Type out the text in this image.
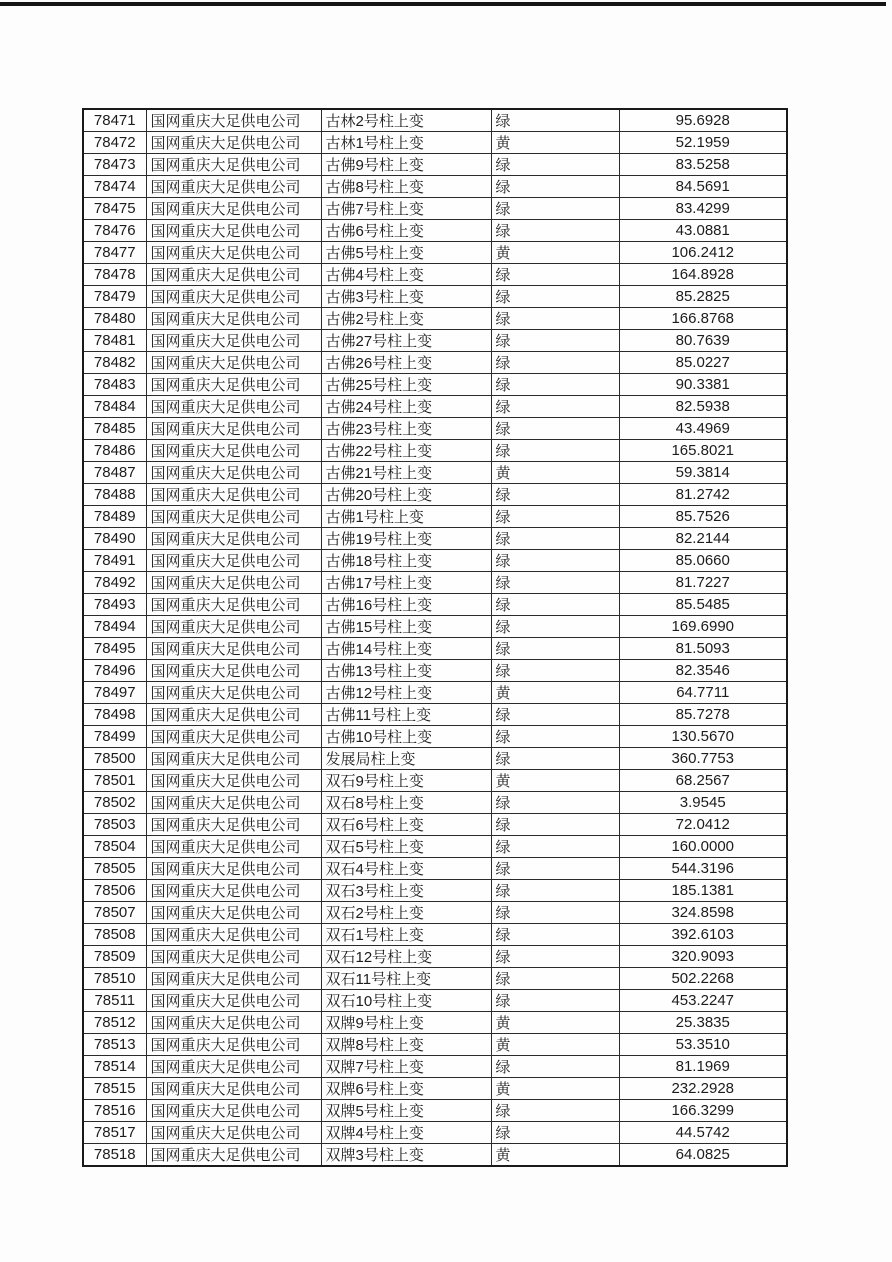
78471	国网重庆大足供电公司	古林2号柱上变	绿	95.6928
78472	国网重庆大足供电公司	古林1号柱上变	黄	52.1959
78473	国网重庆大足供电公司	古佛9号柱上变	绿	83.5258
78474	国网重庆大足供电公司	古佛8号柱上变	绿	84.5691
78475	国网重庆大足供电公司	古佛7号柱上变	绿	83.4299
78476	国网重庆大足供电公司	古佛6号柱上变	绿	43.0881
78477	国网重庆大足供电公司	古佛5号柱上变	黄	106.2412
78478	国网重庆大足供电公司	古佛4号柱上变	绿	164.8928
78479	国网重庆大足供电公司	古佛3号柱上变	绿	85.2825
78480	国网重庆大足供电公司	古佛2号柱上变	绿	166.8768
78481	国网重庆大足供电公司	古佛27号柱上变	绿	80.7639
78482	国网重庆大足供电公司	古佛26号柱上变	绿	85.0227
78483	国网重庆大足供电公司	古佛25号柱上变	绿	90.3381
78484	国网重庆大足供电公司	古佛24号柱上变	绿	82.5938
78485	国网重庆大足供电公司	古佛23号柱上变	绿	43.4969
78486	国网重庆大足供电公司	古佛22号柱上变	绿	165.8021
78487	国网重庆大足供电公司	古佛21号柱上变	黄	59.3814
78488	国网重庆大足供电公司	古佛20号柱上变	绿	81.2742
78489	国网重庆大足供电公司	古佛1号柱上变	绿	85.7526
78490	国网重庆大足供电公司	古佛19号柱上变	绿	82.2144
78491	国网重庆大足供电公司	古佛18号柱上变	绿	85.0660
78492	国网重庆大足供电公司	古佛17号柱上变	绿	81.7227
78493	国网重庆大足供电公司	古佛16号柱上变	绿	85.5485
78494	国网重庆大足供电公司	古佛15号柱上变	绿	169.6990
78495	国网重庆大足供电公司	古佛14号柱上变	绿	81.5093
78496	国网重庆大足供电公司	古佛13号柱上变	绿	82.3546
78497	国网重庆大足供电公司	古佛12号柱上变	黄	64.7711
78498	国网重庆大足供电公司	古佛11号柱上变	绿	85.7278
78499	国网重庆大足供电公司	古佛10号柱上变	绿	130.5670
78500	国网重庆大足供电公司	发展局柱上变	绿	360.7753
78501	国网重庆大足供电公司	双石9号柱上变	黄	68.2567
78502	国网重庆大足供电公司	双石8号柱上变	绿	3.9545
78503	国网重庆大足供电公司	双石6号柱上变	绿	72.0412
78504	国网重庆大足供电公司	双石5号柱上变	绿	160.0000
78505	国网重庆大足供电公司	双石4号柱上变	绿	544.3196
78506	国网重庆大足供电公司	双石3号柱上变	绿	185.1381
78507	国网重庆大足供电公司	双石2号柱上变	绿	324.8598
78508	国网重庆大足供电公司	双石1号柱上变	绿	392.6103
78509	国网重庆大足供电公司	双石12号柱上变	绿	320.9093
78510	国网重庆大足供电公司	双石11号柱上变	绿	502.2268
78511	国网重庆大足供电公司	双石10号柱上变	绿	453.2247
78512	国网重庆大足供电公司	双牌9号柱上变	黄	25.3835
78513	国网重庆大足供电公司	双牌8号柱上变	黄	53.3510
78514	国网重庆大足供电公司	双牌7号柱上变	绿	81.1969
78515	国网重庆大足供电公司	双牌6号柱上变	黄	232.2928
78516	国网重庆大足供电公司	双牌5号柱上变	绿	166.3299
78517	国网重庆大足供电公司	双牌4号柱上变	绿	44.5742
78518	国网重庆大足供电公司	双牌3号柱上变	黄	64.0825
